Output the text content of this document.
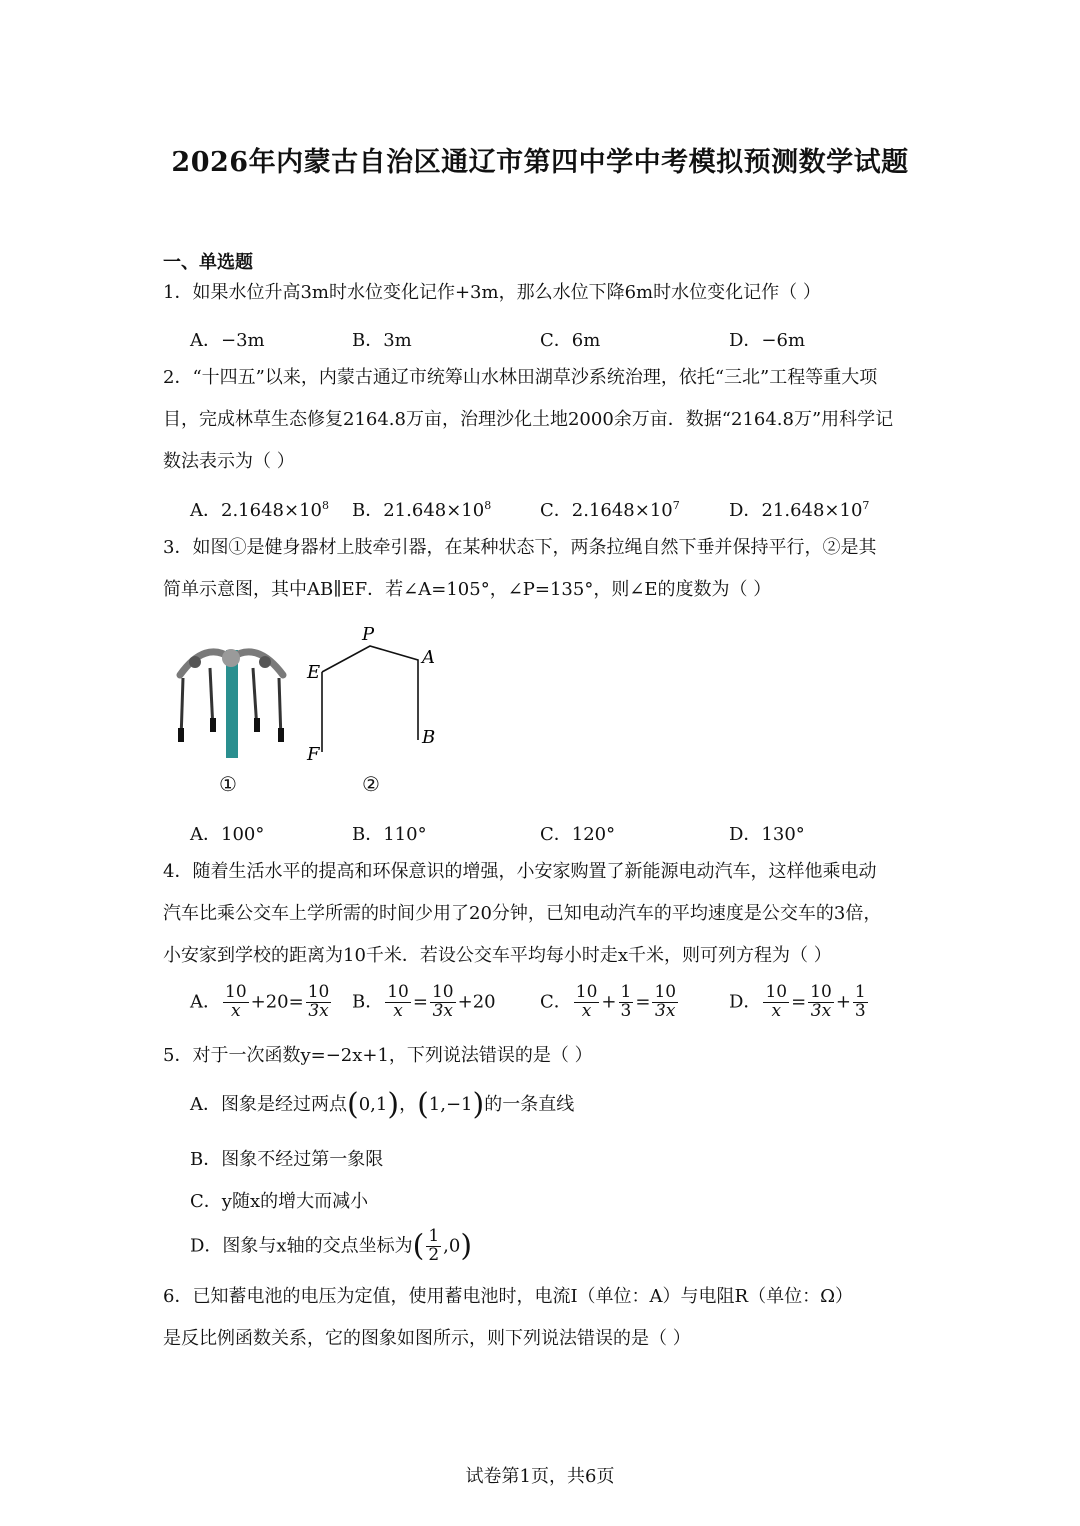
2026年内蒙古自治区通辽市第四中学中考模拟预测数学试题
一、单选题
1．如果水位升高3m时水位变化记作+3m，那么水位下降6m时水位变化记作（ ）
A．−3m	B．3m	C．6m	D．−6m
2．“十四五”以来，内蒙古通辽市统筹山水林田湖草沙系统治理，依托“三北”工程等重大项
目，完成林草生态修复2164.8万亩，治理沙化土地2000余万亩．数据“2164.8万”用科学记
数法表示为（ ）
A．$2.1648\times 10^8$ B．$21.648\times 10^8$	C．$2.1648\times 10^7$	D．$21.648\times 10^7$
3．如图①是健身器材上肢牵引器，在某种状态下，两条拉绳自然下垂并保持平行，②是其
简单示意图，其中AB∥EF．若∠A=105°，∠P=135°，则∠E的度数为（ ）
P
A
E
B
F
①	②
A．100°	B．110°	C．120°	D．130°
4．随着生活水平的提高和环保意识的增强，小安家购置了新能源电动汽车，这样他乘电动
汽车比乘公交车上学所需的时间少用了20分钟，已知电动汽车的平均速度是公交车的3倍，
小安家到学校的距离为10千米．若设公交车平均每小时走x千米，则可列方程为（ ）
A． $\frac{10}{x} +20= \frac{10}{3x}$ B． $\frac{10}{x} = \frac{10}{3x} +20$ C． $\frac{10}{x} + \frac{1}{3} = \frac{10}{3x}$	D． $\frac{10}{x} = \frac{10}{3x} + \frac{1}{3}$
5．对于一次函数y=−2x+1，下列说法错误的是（ ）
A．图象是经过两点(0,1)，(1,−1)的一条直线
B．图象不经过第一象限
C．y随x的增大而减小
D．图象与x轴的交点坐标为( $\frac{1}{2} ,0$)
6．已知蓄电池的电压为定值，使用蓄电池时，电流I（单位：A）与电阻R（单位：Ω）
是反比例函数关系，它的图象如图所示，则下列说法错误的是（ ）
试卷第1页，共6页
